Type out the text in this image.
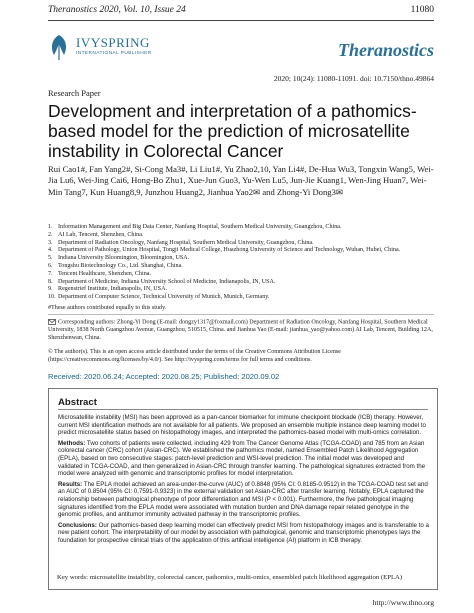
Theranostics 2020, Vol. 10, Issue 24	11080
IVYSPRING
INTERNATIONAL PUBLISHER	Theranostics
2020; 10(24): 11080-11091. doi: 10.7150/thno.49864
Research Paper
Development and interpretation of a pathomics-based model for the prediction of microsatellite instability in Colorectal Cancer
Rui Cao1#, Fan Yang2#, Si-Cong Ma3#, Li Liu1#, Yu Zhao2,10, Yan Li4#, De-Hua Wu3, Tongxin Wang5, Wei-Jia Lu6, Wei-Jing Cai6, Hong-Bo Zhu1, Xue-Jun Guo3, Yu-Wen Lu5, Jun-Jie Kuang1, Wen-Jing Huan7, Wei-Min Tang7, Kun Huang8,9, Junzhou Huang2, Jianhua Yao2✉ and Zhong-Yi Dong3✉
1. Information Management and Big Data Center, Nanfang Hospital, Southern Medical University, Guangzhou, China.
2. AI Lab, Tencent, Shenzhen, China.
3. Department of Radiation Oncology, Nanfang Hospital, Southern Medical University, Guangzhou, China.
4. Department of Pathology, Union Hospital, Tongji Medical College, Huazhong University of Science and Technology, Wuhan, Hubei, China.
5. Indiana University Bloomington, Bloomington, USA.
6. Tongshu Biotechnology Co., Ltd. Shanghai, China.
7. Tencent Healthcare, Shenzhen, China.
8. Department of Medicine, Indiana University School of Medicine, Indianapolis, IN, USA.
9. Regenstrief Institute, Indianapolis, IN, USA.
10. Department of Computer Science, Technical University of Munich, Munich, Germany.
#These authors contributed equally to this study.
Corresponding authors: Zhong-Yi Dong (E-mail: dongzy1317@foxmail.com) Department of Radiation Oncology, Nanfang Hospital, Southern Medical University, 1838 North Guangzhou Avenue, Guangzhou, 510515, China. and Jianhua Yao (E-mail: jianhua_yao@yahoo.com) AI Lab, Tencent, Building 12A, Shenzhenwan, China.
© The author(s). This is an open access article distributed under the terms of the Creative Commons Attribution License (https://creativecommons.org/licenses/by/4.0/). See http://ivyspring.com/terms for full terms and conditions.
Received: 2020.06.24; Accepted: 2020.08.25; Published: 2020.09.02
Abstract

Microsatellite instability (MSI) has been approved as a pan-cancer biomarker for immune checkpoint blockade (ICB) therapy. However, current MSI identification methods are not available for all patients. We proposed an ensemble multiple instance deep learning model to predict microsatellite status based on histopathology images, and interpreted the pathomics-based model with multi-omics correlation.

Methods: Two cohorts of patients were collected, including 429 from The Cancer Genome Atlas (TCGA-COAD) and 785 from an Asian colorectal cancer (CRC) cohort (Asian-CRC). We established the pathomics model, named Ensembled Patch Likelihood Aggregation (EPLA), based on two consecutive stages: patch-level prediction and WSI-level prediction. The initial model was developed and validated in TCGA-COAD, and then generalized in Asian-CRC through transfer learning. The pathological signatures extracted from the model were analyzed with genomic and transcriptomic profiles for model interpretation.

Results: The EPLA model achieved an area-under-the-curve (AUC) of 0.8848 (95% CI: 0.8185-0.9512) in the TCGA-COAD test set and an AUC of 0.8504 (95% CI: 0.7591-0.9323) in the external validation set Asian-CRC after transfer learning. Notably, EPLA captured the relationship between pathological phenotype of poor differentiation and MSI (P < 0.001). Furthermore, the five pathological imaging signatures identified from the EPLA model were associated with mutation burden and DNA damage repair related genotype in the genomic profiles, and antitumor immunity activated pathway in the transcriptomic profiles.

Conclusions: Our pathomics-based deep learning model can effectively predict MSI from histopathology images and is transferable to a new patient cohort. The interpretability of our model by association with pathological, genomic and transcriptomic phenotypes lays the foundation for prospective clinical trials of the application of this artificial intelligence (AI) platform in ICB therapy.

Key words: microsatellite instability, colorectal cancer, pathomics, multi-omics, ensembled patch likelihood aggregation (EPLA)
http://www.thno.org
